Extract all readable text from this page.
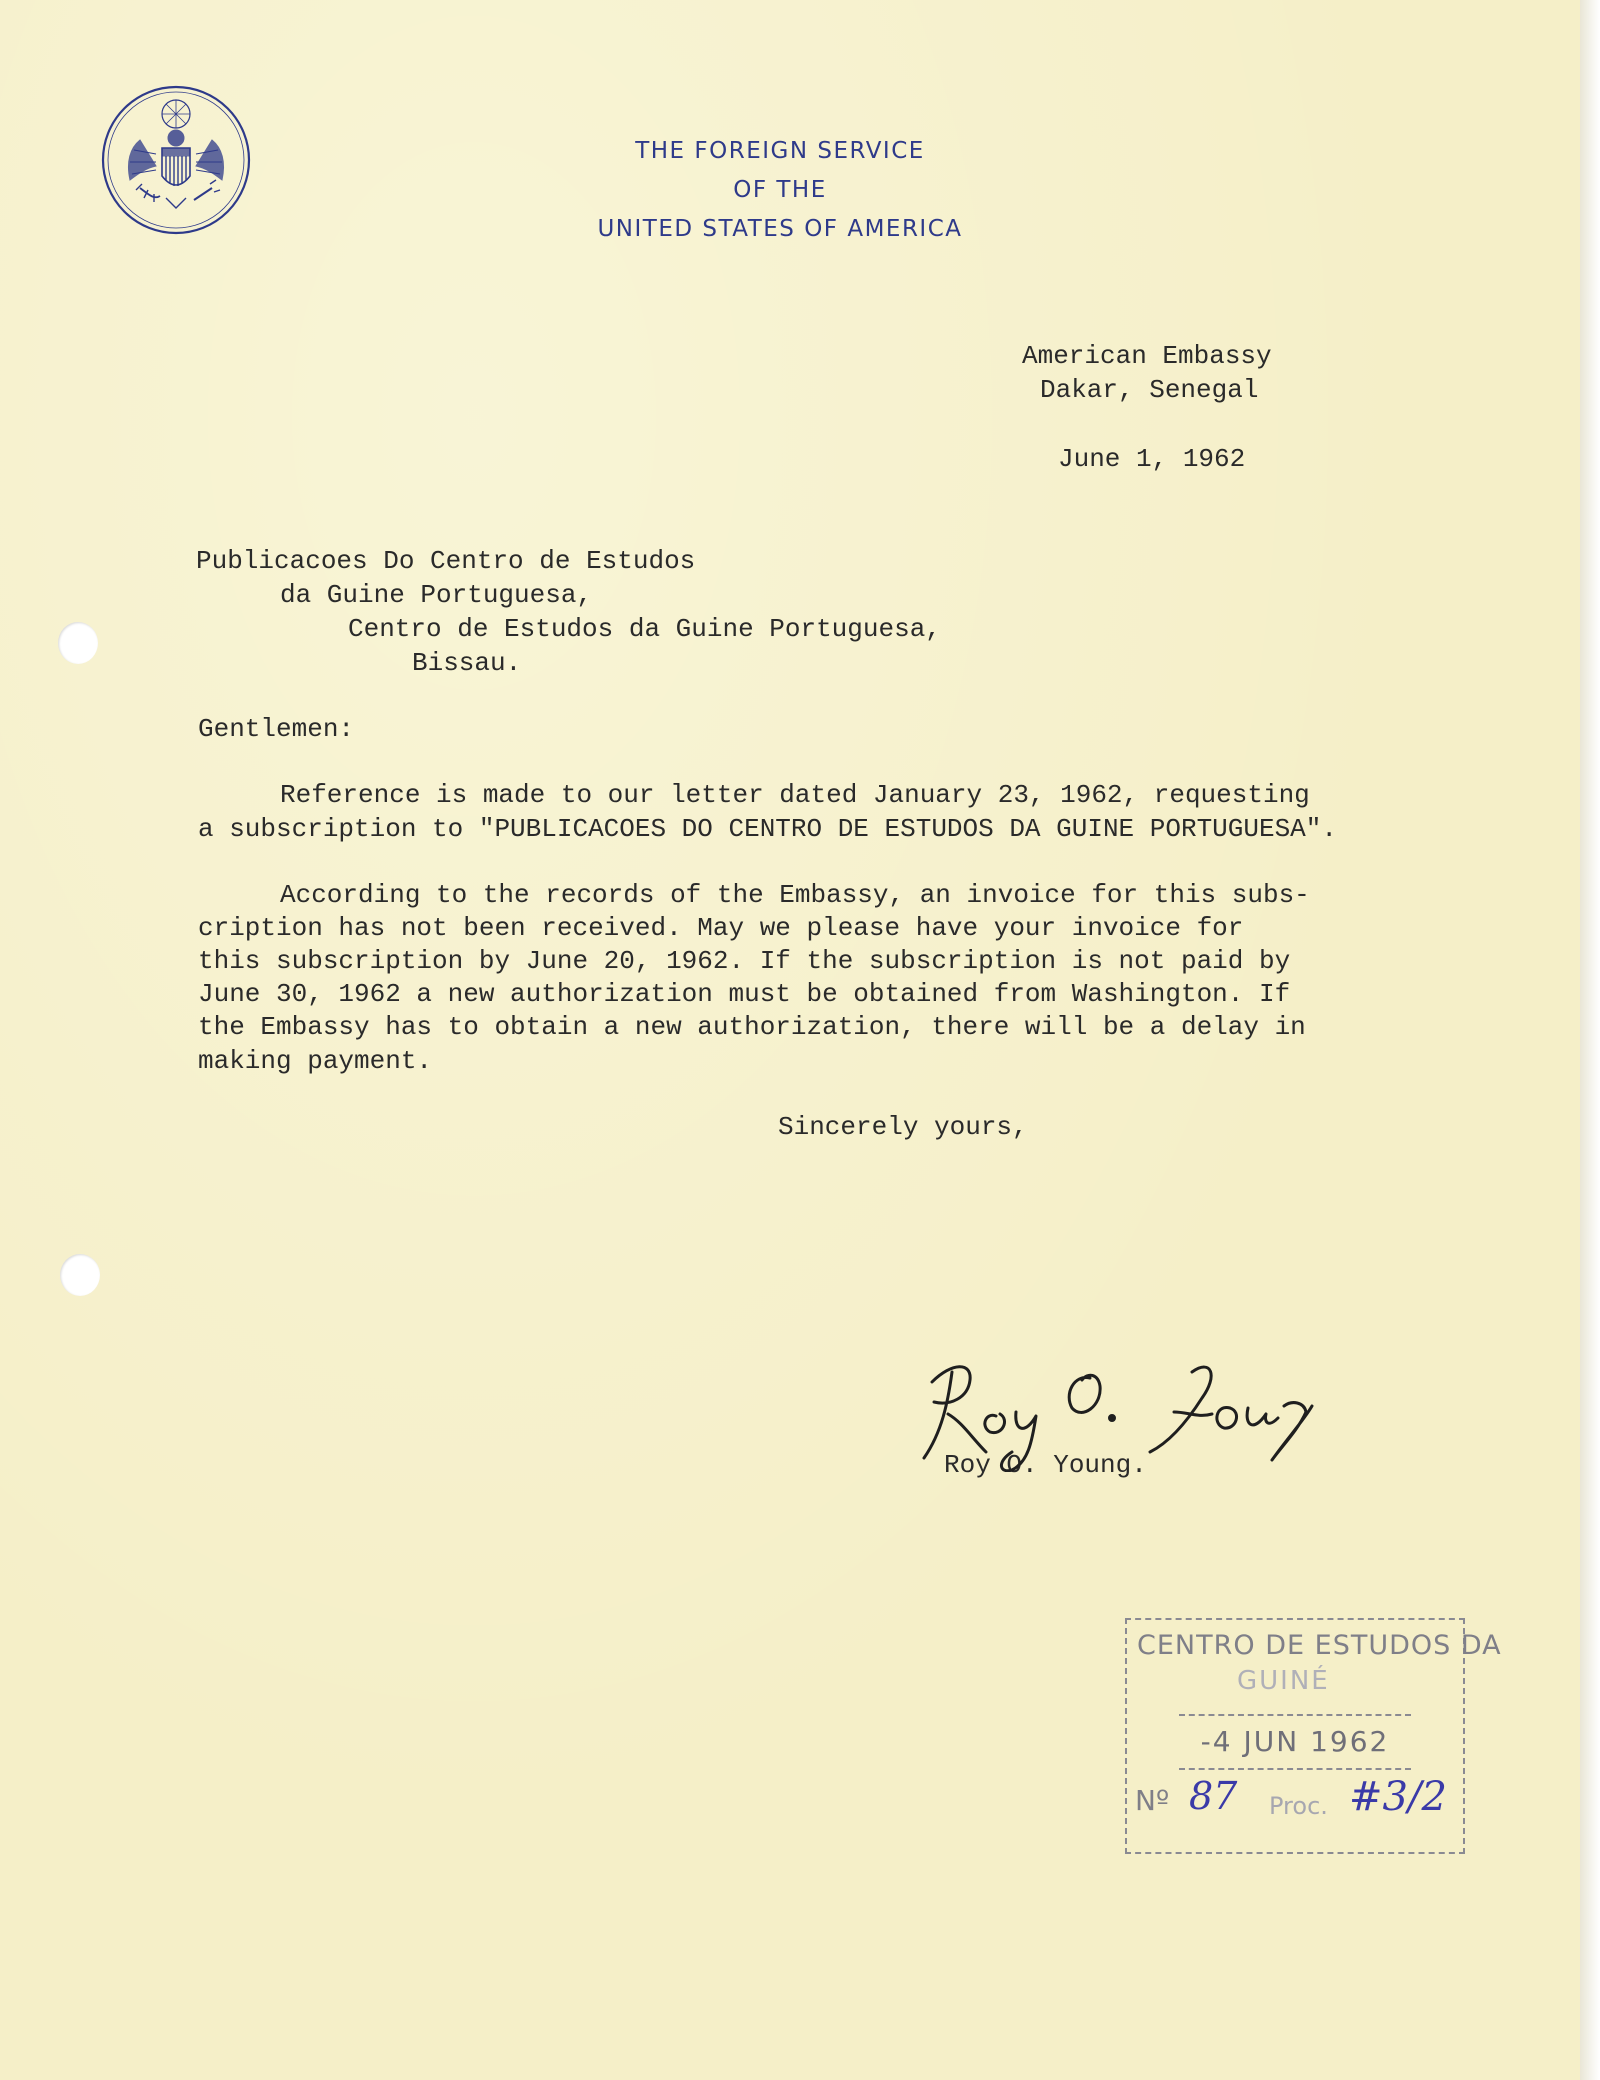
THE FOREIGN SERVICE
OF THE
UNITED STATES OF AMERICA
American Embassy
Dakar, Senegal
June 1, 1962
Publicacoes Do Centro de Estudos
da Guine Portuguesa,
Centro de Estudos da Guine Portuguesa,
Bissau.
Gentlemen:
Reference is made to our letter dated January 23, 1962, requesting
a subscription to "PUBLICACOES DO CENTRO DE ESTUDOS DA GUINE PORTUGUESA".
According to the records of the Embassy, an invoice for this subs-
cription has not been received. May we please have your invoice for
this subscription by June 20, 1962. If the subscription is not paid by
June 30, 1962 a new authorization must be obtained from Washington. If
the Embassy has to obtain a new authorization, there will be a delay in
making payment.
Sincerely yours,
Roy O. Young.
CENTRO DE ESTUDOS DA
GUINÉ
-4 JUN 1962
Nº 87 Proc. #3/2
